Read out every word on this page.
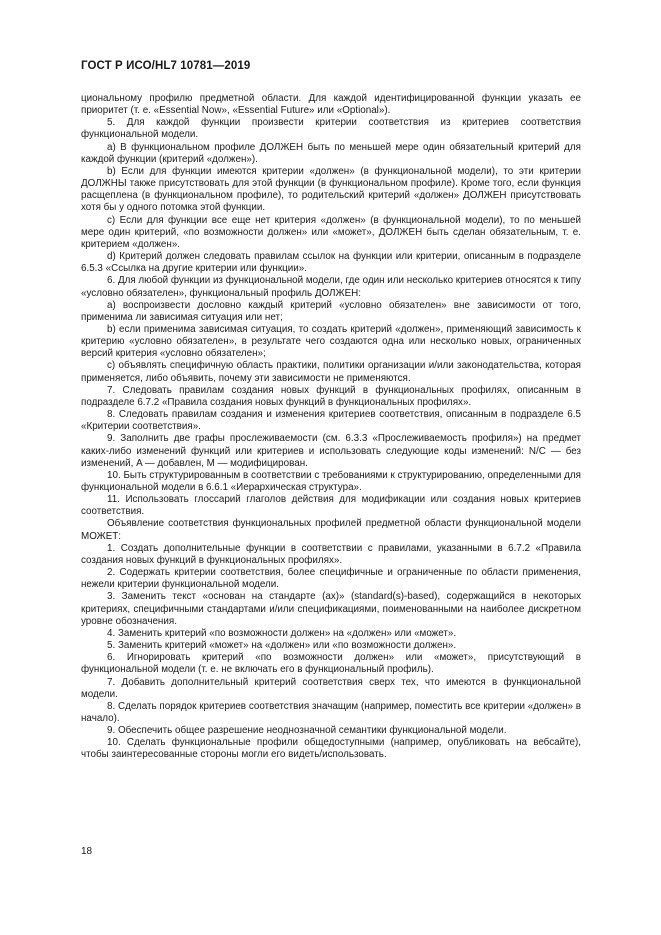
ГОСТ Р ИСО/HL7 10781—2019

циональному профилю предметной области. Для каждой идентифицированной функции указать ее приоритет (т. е. «Essential Now», «Essential Future» или «Optional»).

5. Для каждой функции произвести критерии соответствия из критериев соответствия функциональной модели.

а) В функциональном профиле ДОЛЖЕН быть по меньшей мере один обязательный критерий для каждой функции (критерий «должен»).

b) Если для функции имеются критерии «должен» (в функциональной модели), то эти критерии ДОЛЖНЫ также присутствовать для этой функции (в функциональном профиле). Кроме того, если функция расщеплена (в функциональном профиле), то родительский критерий «должен» ДОЛЖЕН присутствовать хотя бы у одного потомка этой функции.

c) Если для функции все еще нет критерия «должен» (в функциональной модели), то по меньшей мере один критерий, «по возможности должен» или «может», ДОЛЖЕН быть сделан обязательным, т. е. критерием «должен».

d) Критерий должен следовать правилам ссылок на функции или критерии, описанным в подразделе 6.5.3 «Ссылка на другие критерии или функции».

6. Для любой функции из функциональной модели, где один или несколько критериев относятся к типу «условно обязателен», функциональный профиль ДОЛЖЕН:

а) воспроизвести дословно каждый критерий «условно обязателен» вне зависимости от того, применима ли зависимая ситуация или нет;

b) если применима зависимая ситуация, то создать критерий «должен», применяющий зависимость к критерию «условно обязателен», в результате чего создаются одна или несколько новых, ограниченных версий критерия «условно обязателен»;

c) объявлять специфичную область практики, политики организации и/или законодательства, которая применяется, либо объявить, почему эти зависимости не применяются.

7. Следовать правилам создания новых функций в функциональных профилях, описанным в подразделе 6.7.2 «Правила создания новых функций в функциональных профилях».

8. Следовать правилам создания и изменения критериев соответствия, описанным в подразделе 6.5 «Критерии соответствия».

9. Заполнить две графы прослеживаемости (см. 6.3.3 «Прослеживаемость профиля») на предмет каких-либо изменений функций или критериев и использовать следующие коды изменений: N/C — без изменений, A — добавлен, M — модифицирован.

10. Быть структурированным в соответствии с требованиями к структурированию, определенными для функциональной модели в 6.6.1 «Иерархическая структура».

11. Использовать глоссарий глаголов действия для модификации или создания новых критериев соответствия.

Объявление соответствия функциональных профилей предметной области функциональной модели МОЖЕТ:

1. Создать дополнительные функции в соответствии с правилами, указанными в 6.7.2 «Правила создания новых функций в функциональных профилях».

2. Содержать критерии соответствия, более специфичные и ограниченные по области применения, нежели критерии функциональной модели.

3. Заменить текст «основан на стандарте (ах)» (standard(s)-based), содержащийся в некоторых критериях, специфичными стандартами и/или спецификациями, поименованными на наиболее дискретном уровне обозначения.

4. Заменить критерий «по возможности должен» на «должен» или «может».

5. Заменить критерий «может» на «должен» или «по возможности должен».

6. Игнорировать критерий «по возможности должен» или «может», присутствующий в функциональной модели (т. е. не включать его в функциональный профиль).

7. Добавить дополнительный критерий соответствия сверх тех, что имеются в функциональной модели.

8. Сделать порядок критериев соответствия значащим (например, поместить все критерии «должен» в начало).

9. Обеспечить общее разрешение неоднозначной семантики функциональной модели.

10. Сделать функциональные профили общедоступными (например, опубликовать на вебсайте), чтобы заинтересованные стороны могли его видеть/использовать.

18
